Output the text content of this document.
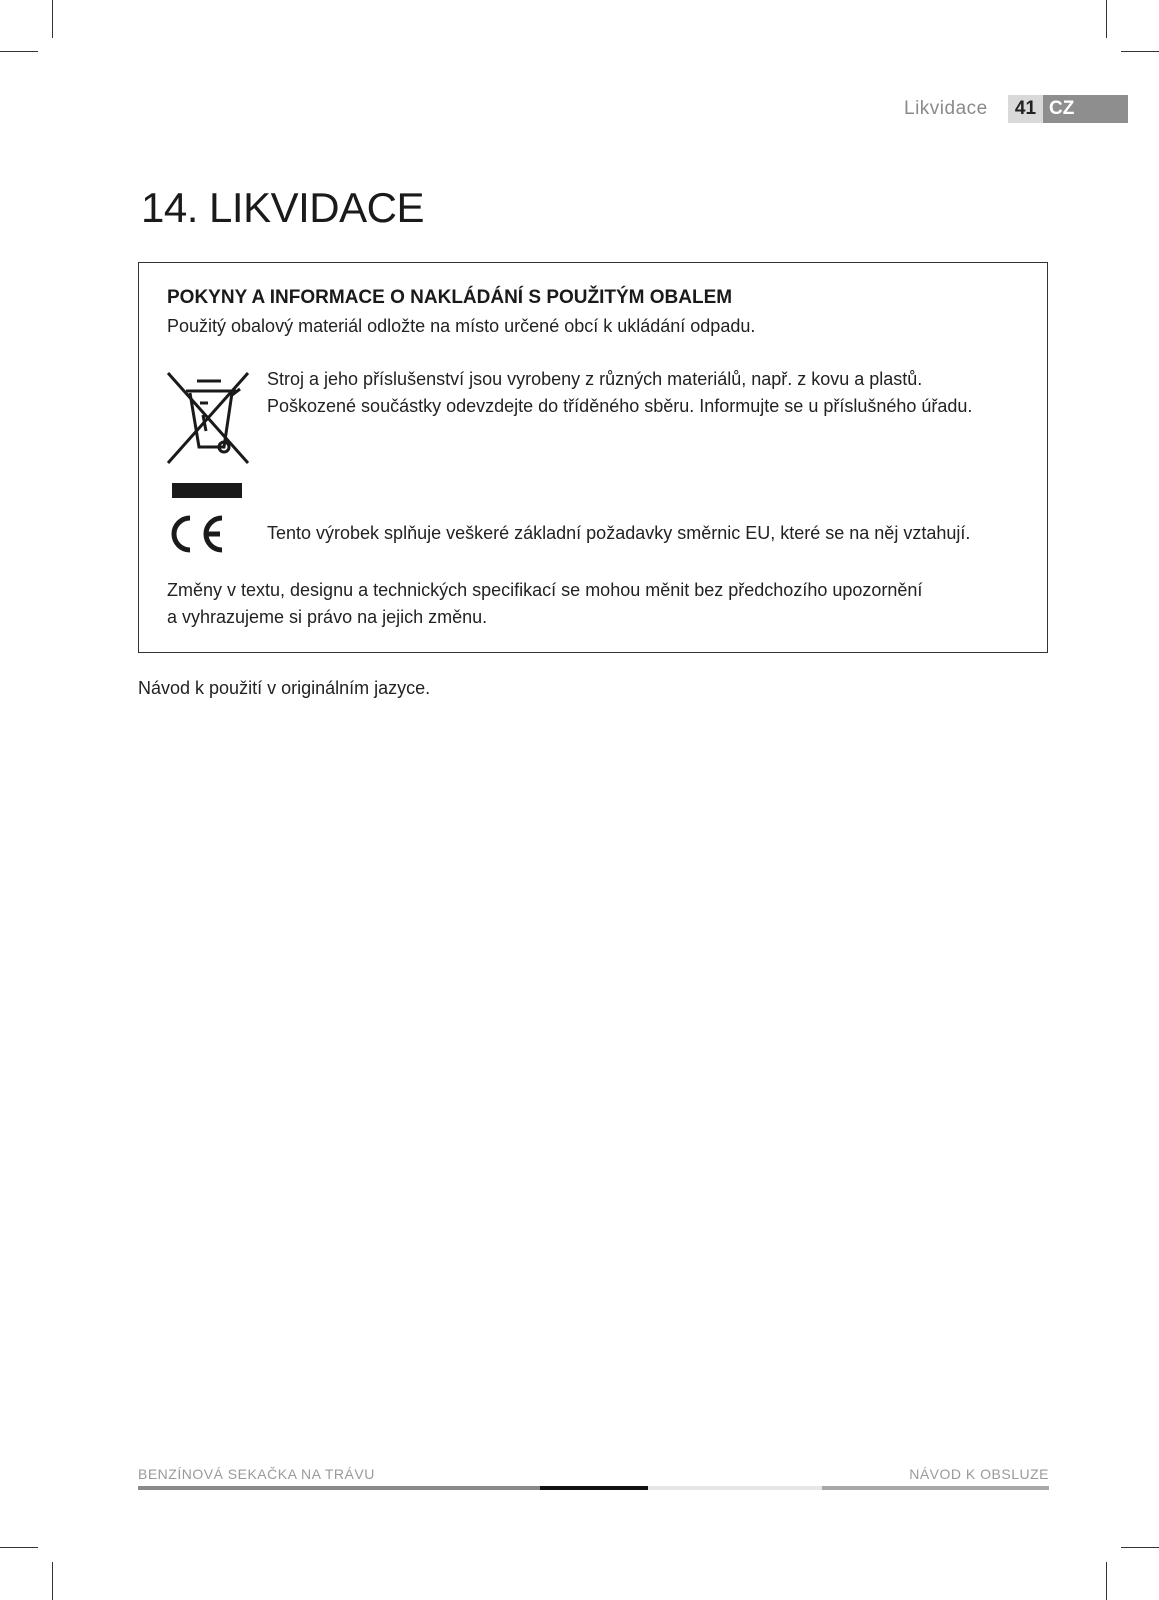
Likvidace	41 CZ
14. LIKVIDACE
POKYNY A INFORMACE O NAKLÁDÁNÍ S POUŽITÝM OBALEM

Použitý obalový materiál odložte na místo určené obcí k ukládání odpadu.

Stroj a jeho příslušenství jsou vyrobeny z různých materiálů, např. z kovu a plastů.

Poškozené součástky odevzdejte do tříděného sběru. Informujte se u příslušného úřadu.

Tento výrobek splňuje veškeré základní požadavky směrnic EU, které se na něj vztahují.

Změny v textu, designu a technických specifikací se mohou měnit bez předchozího upozornění

a vyhrazujeme si právo na jejich změnu.

Návod k použití v originálním jazyce.

BENZÍNOVÁ SEKAČKA NA TRÁVU	NÁVOD K OBSLUZE
